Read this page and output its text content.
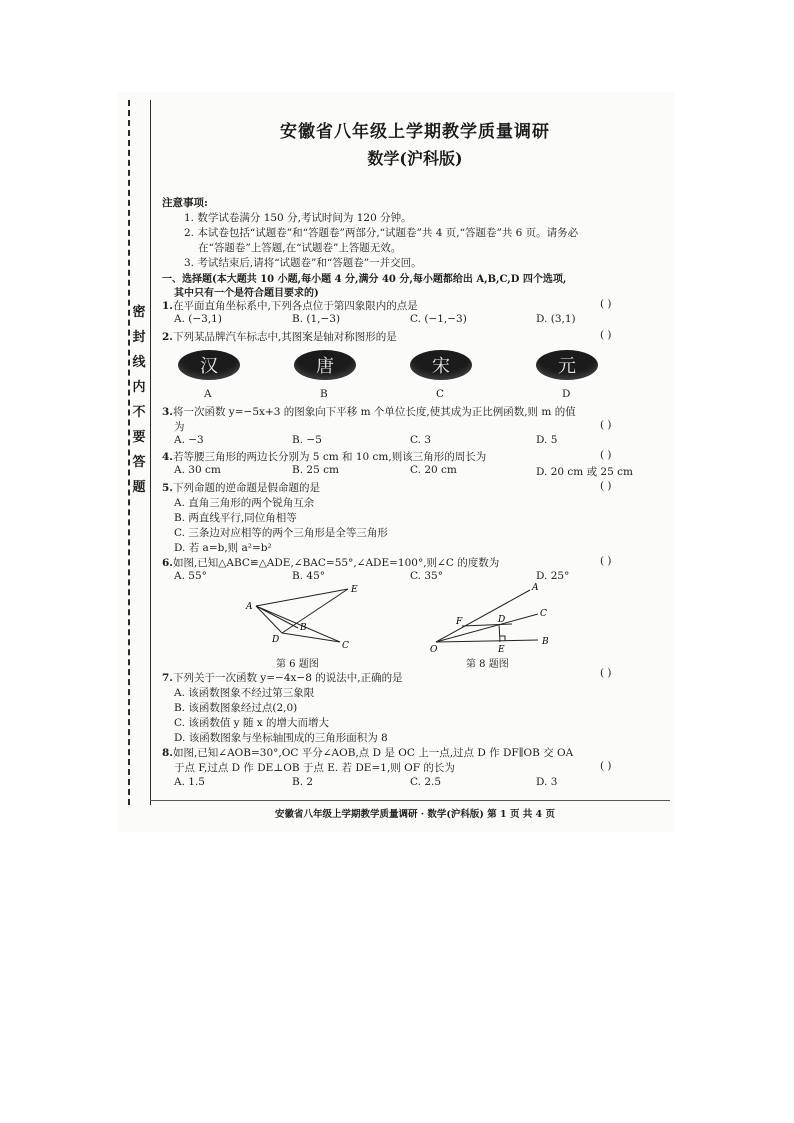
密
封
线
内
不
要
答
题
安徽省八年级上学期教学质量调研
数学(沪科版)
注意事项:
1. 数学试卷满分 150 分,考试时间为 120 分钟。
2. 本试卷包括“试题卷”和“答题卷”两部分,“试题卷”共 4 页,“答题卷”共 6 页。请务必
在“答题卷”上答题,在“试题卷”上答题无效。
3. 考试结束后,请将“试题卷”和“答题卷”一并交回。
一、选择题(本大题共 10 小题,每小题 4 分,满分 40 分,每小题都给出 A,B,C,D 四个选项,
其中只有一个是符合题目要求的)
1.在平面直角坐标系中,下列各点位于第四象限内的点是	( )
A. (−3,1)	B. (1,−3)	C. (−1,−3)	D. (3,1)
2.下列某品牌汽车标志中,其图案是轴对称图形的是	( )
汉	唐	宋	元
A	B	C	D
3.将一次函数 y=−5x+3 的图象向下平移 m 个单位长度,使其成为正比例函数,则 m 的值
为	( )
A. −3	B. −5	C. 3	D. 5
4.若等腰三角形的两边长分别为 5 cm 和 10 cm,则该三角形的周长为	( )
A. 30 cm	B. 25 cm	C. 20 cm	D. 20 cm 或 25 cm
5.下列命题的逆命题是假命题的是	( )
A. 直角三角形的两个锐角互余
B. 两直线平行,同位角相等
C. 三条边对应相等的两个三角形是全等三角形
D. 若 a=b,则 a²=b²
6.如图,已知△ABC≌△ADE,∠BAC=55°,∠ADE=100°,则∠C 的度数为	( )
A. 55°	B. 45°	C. 35°	D. 25°
A
E
D
B
C
第 6 题图
O
A
C
B
F	D
E
第 8 题图
7.下列关于一次函数 y=−4x−8 的说法中,正确的是	( )
A. 该函数图象不经过第三象限
B. 该函数图象经过点(2,0)
C. 该函数值 y 随 x 的增大而增大
D. 该函数图象与坐标轴围成的三角形面积为 8
8.如图,已知∠AOB=30°,OC 平分∠AOB,点 D 是 OC 上一点,过点 D 作 DF∥OB 交 OA
于点 F,过点 D 作 DE⊥OB 于点 E. 若 DE=1,则 OF 的长为	( )
A. 1.5	B. 2	C. 2.5	D. 3
安徽省八年级上学期教学质量调研 · 数学(沪科版) 第 1 页 共 4 页
